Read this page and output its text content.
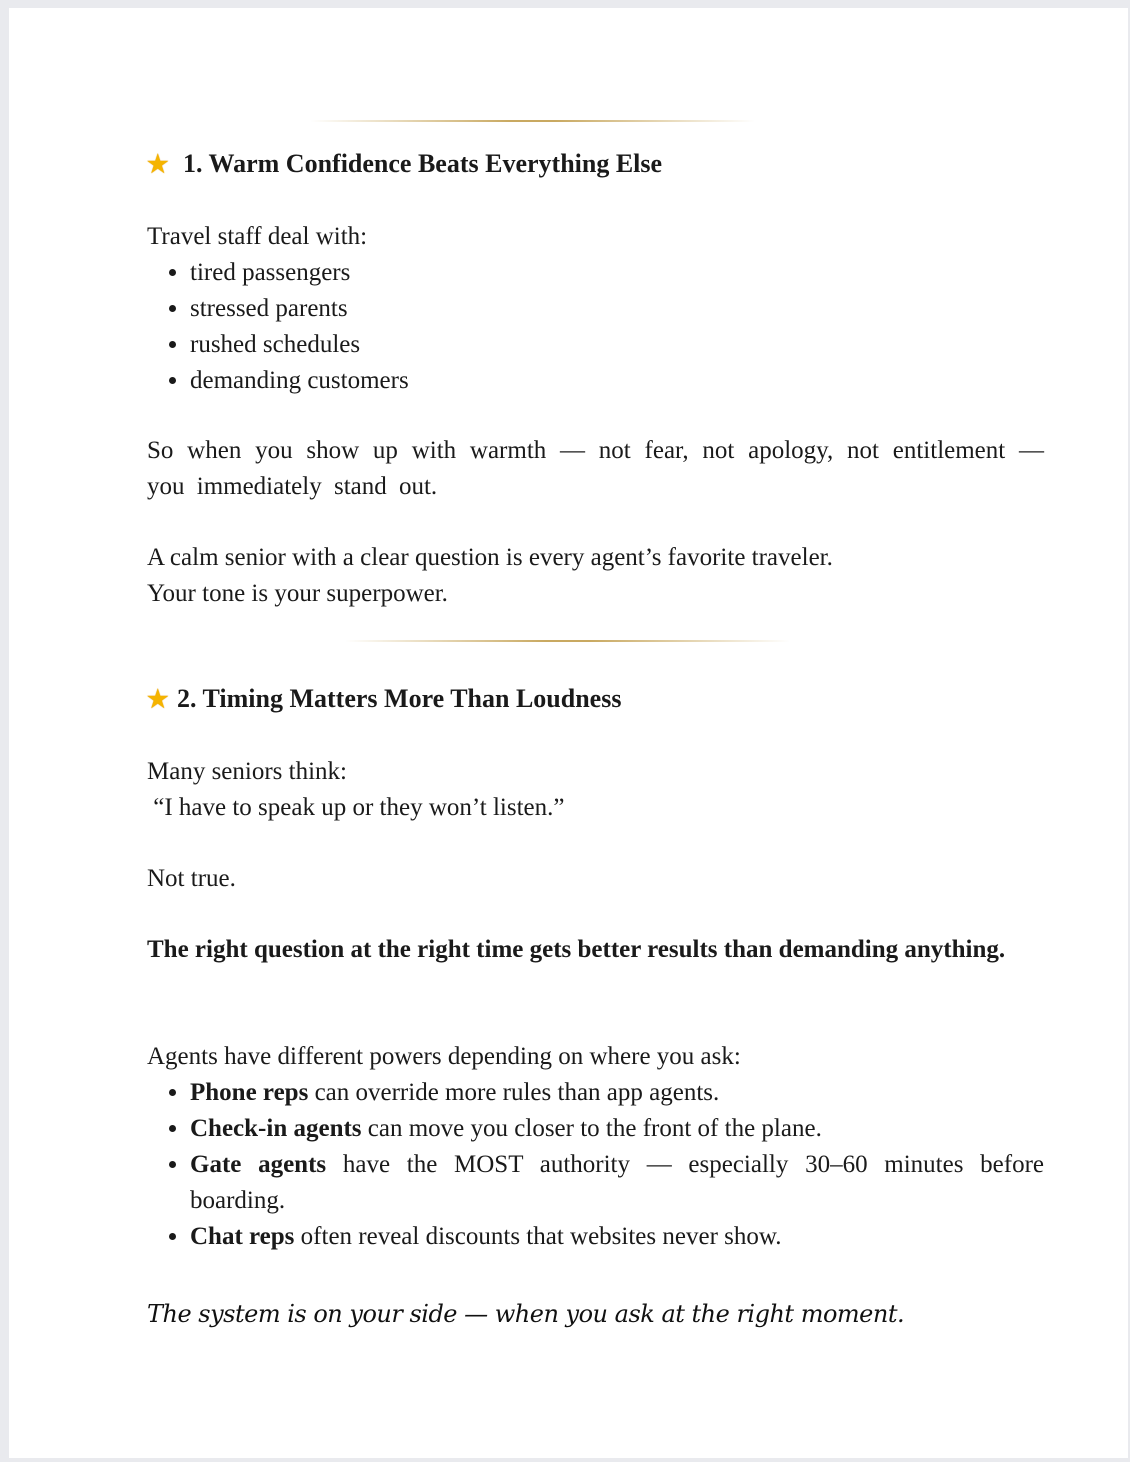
★ 1. Warm Confidence Beats Everything Else

Travel staff deal with:

• tired passengers
• stressed parents
• rushed schedules
• demanding customers
So when you show up with warmth — not fear, not apology, not entitlement — you immediately stand out.

A calm senior with a clear question is every agent’s favorite traveler.

Your tone is your superpower.

★ 2. Timing Matters More Than Loudness

Many seniors think:

“I have to speak up or they won’t listen.”

Not true.
The right question at the right time gets better results than demanding anything.

Agents have different powers depending on where you ask:

• Phone reps can override more rules than app agents.
• Check-in agents can move you closer to the front of the plane.
• Gate agents have the MOST authority — especially 30–60 minutes before boarding.
• Chat reps often reveal discounts that websites never show.
The system is on your side — when you ask at the right moment.
